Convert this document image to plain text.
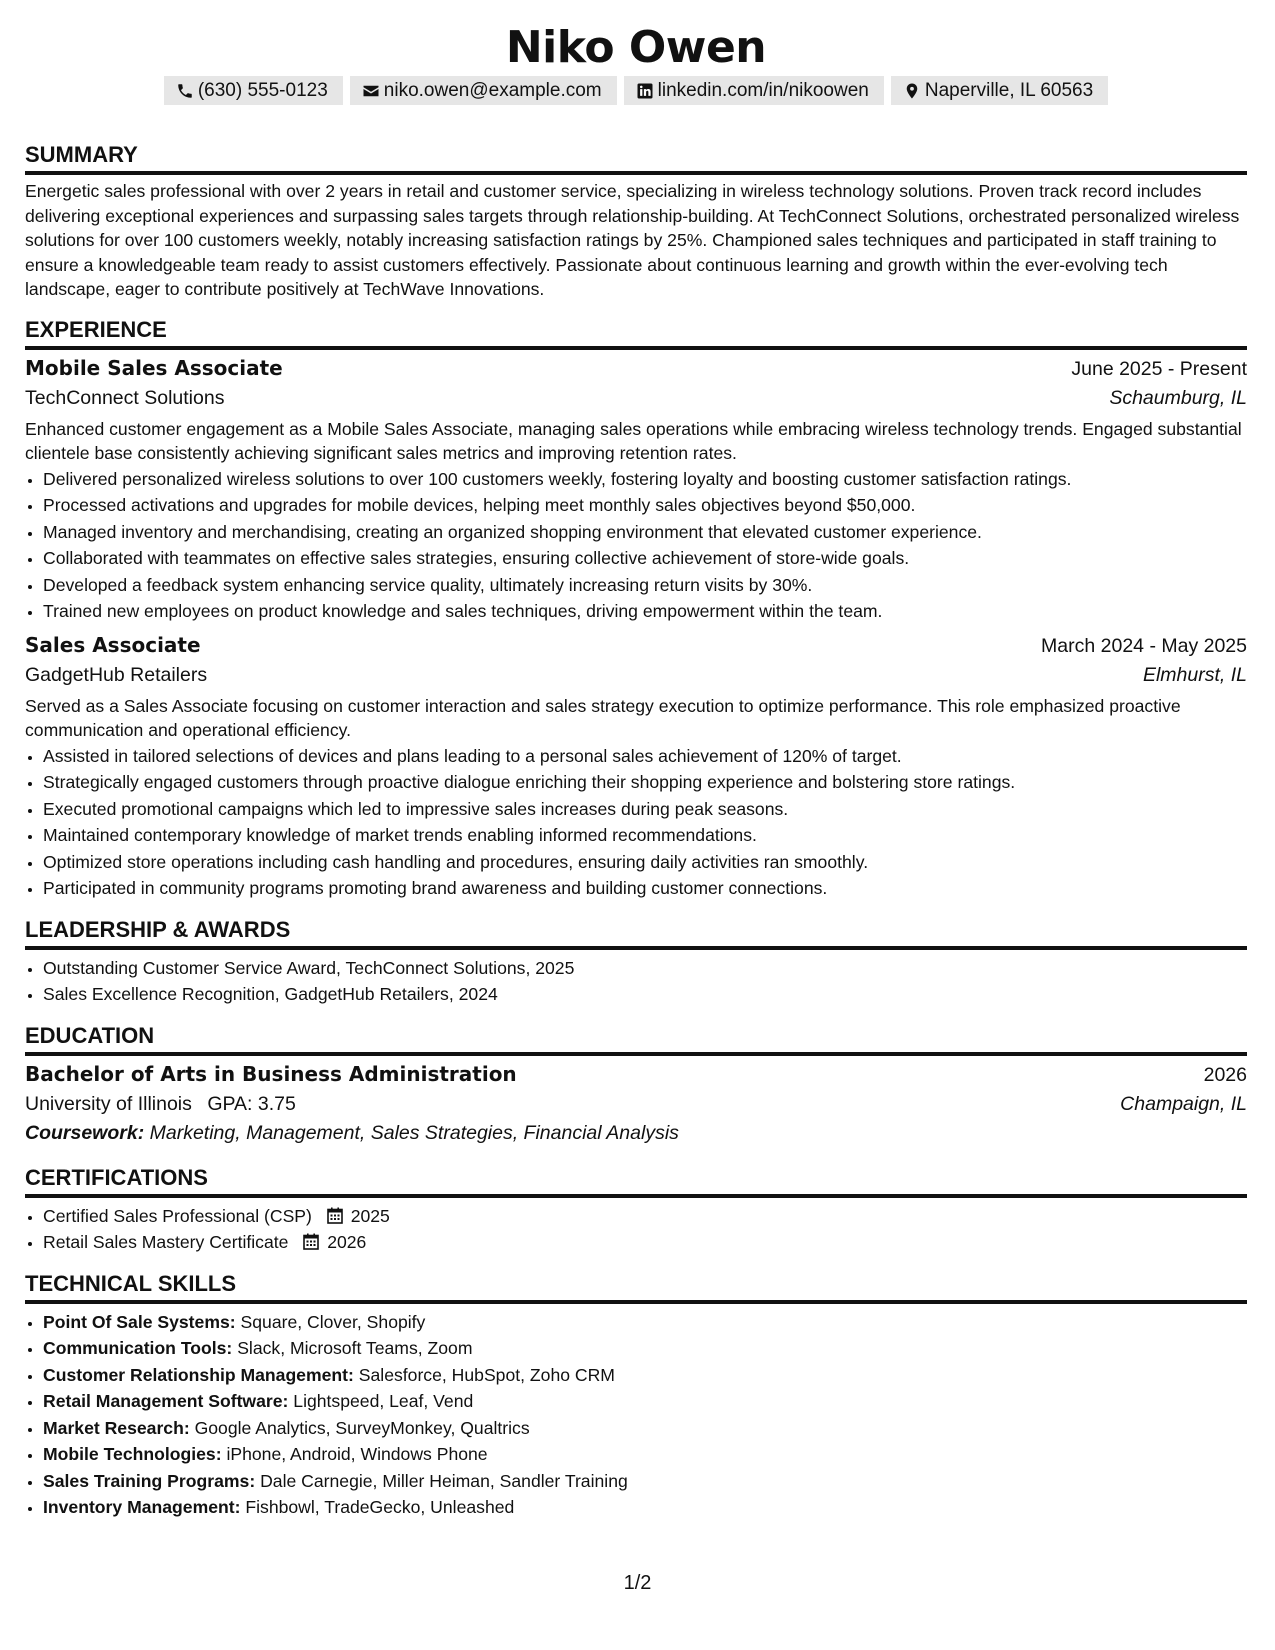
Niko Owen
(630) 555-0123	niko.owen@example.com	linkedin.com/in/nikoowen	Naperville, IL 60563
SUMMARY

Energetic sales professional with over 2 years in retail and customer service, specializing in wireless technology solutions. Proven track record includes delivering exceptional experiences and surpassing sales targets through relationship-building. At TechConnect Solutions, orchestrated personalized wireless solutions for over 100 customers weekly, notably increasing satisfaction ratings by 25%. Championed sales techniques and participated in staff training to ensure a knowledgeable team ready to assist customers effectively. Passionate about continuous learning and growth within the ever-evolving tech landscape, eager to contribute positively at TechWave Innovations.

EXPERIENCE
Mobile Sales Associate	June 2025 - Present
TechConnect Solutions	Schaumburg, IL

Enhanced customer engagement as a Mobile Sales Associate, managing sales operations while embracing wireless technology trends. Engaged substantial clientele base consistently achieving significant sales metrics and improving retention rates.

• Delivered personalized wireless solutions to over 100 customers weekly, fostering loyalty and boosting customer satisfaction ratings.
• Processed activations and upgrades for mobile devices, helping meet monthly sales objectives beyond $50,000.
• Managed inventory and merchandising, creating an organized shopping environment that elevated customer experience.
• Collaborated with teammates on effective sales strategies, ensuring collective achievement of store-wide goals.
• Developed a feedback system enhancing service quality, ultimately increasing return visits by 30%.
• Trained new employees on product knowledge and sales techniques, driving empowerment within the team.
Sales Associate	March 2024 - May 2025
GadgetHub Retailers	Elmhurst, IL

Served as a Sales Associate focusing on customer interaction and sales strategy execution to optimize performance. This role emphasized proactive communication and operational efficiency.

• Assisted in tailored selections of devices and plans leading to a personal sales achievement of 120% of target.
• Strategically engaged customers through proactive dialogue enriching their shopping experience and bolstering store ratings.
• Executed promotional campaigns which led to impressive sales increases during peak seasons.
• Maintained contemporary knowledge of market trends enabling informed recommendations.
• Optimized store operations including cash handling and procedures, ensuring daily activities ran smoothly.
• Participated in community programs promoting brand awareness and building customer connections.
LEADERSHIP & AWARDS
• Outstanding Customer Service Award, TechConnect Solutions, 2025
• Sales Excellence Recognition, GadgetHub Retailers, 2024
EDUCATION
Bachelor of Arts in Business Administration	2026
University of Illinois GPA: 3.75	Champaign, IL
Coursework: Marketing, Management, Sales Strategies, Financial Analysis
CERTIFICATIONS
• Certified Sales Professional (CSP) 2025
• Retail Sales Mastery Certificate 2026
TECHNICAL SKILLS
• Point Of Sale Systems: Square, Clover, Shopify
• Communication Tools: Slack, Microsoft Teams, Zoom
• Customer Relationship Management: Salesforce, HubSpot, Zoho CRM
• Retail Management Software: Lightspeed, Leaf, Vend
• Market Research: Google Analytics, SurveyMonkey, Qualtrics
• Mobile Technologies: iPhone, Android, Windows Phone
• Sales Training Programs: Dale Carnegie, Miller Heiman, Sandler Training
• Inventory Management: Fishbowl, TradeGecko, Unleashed
1/2
